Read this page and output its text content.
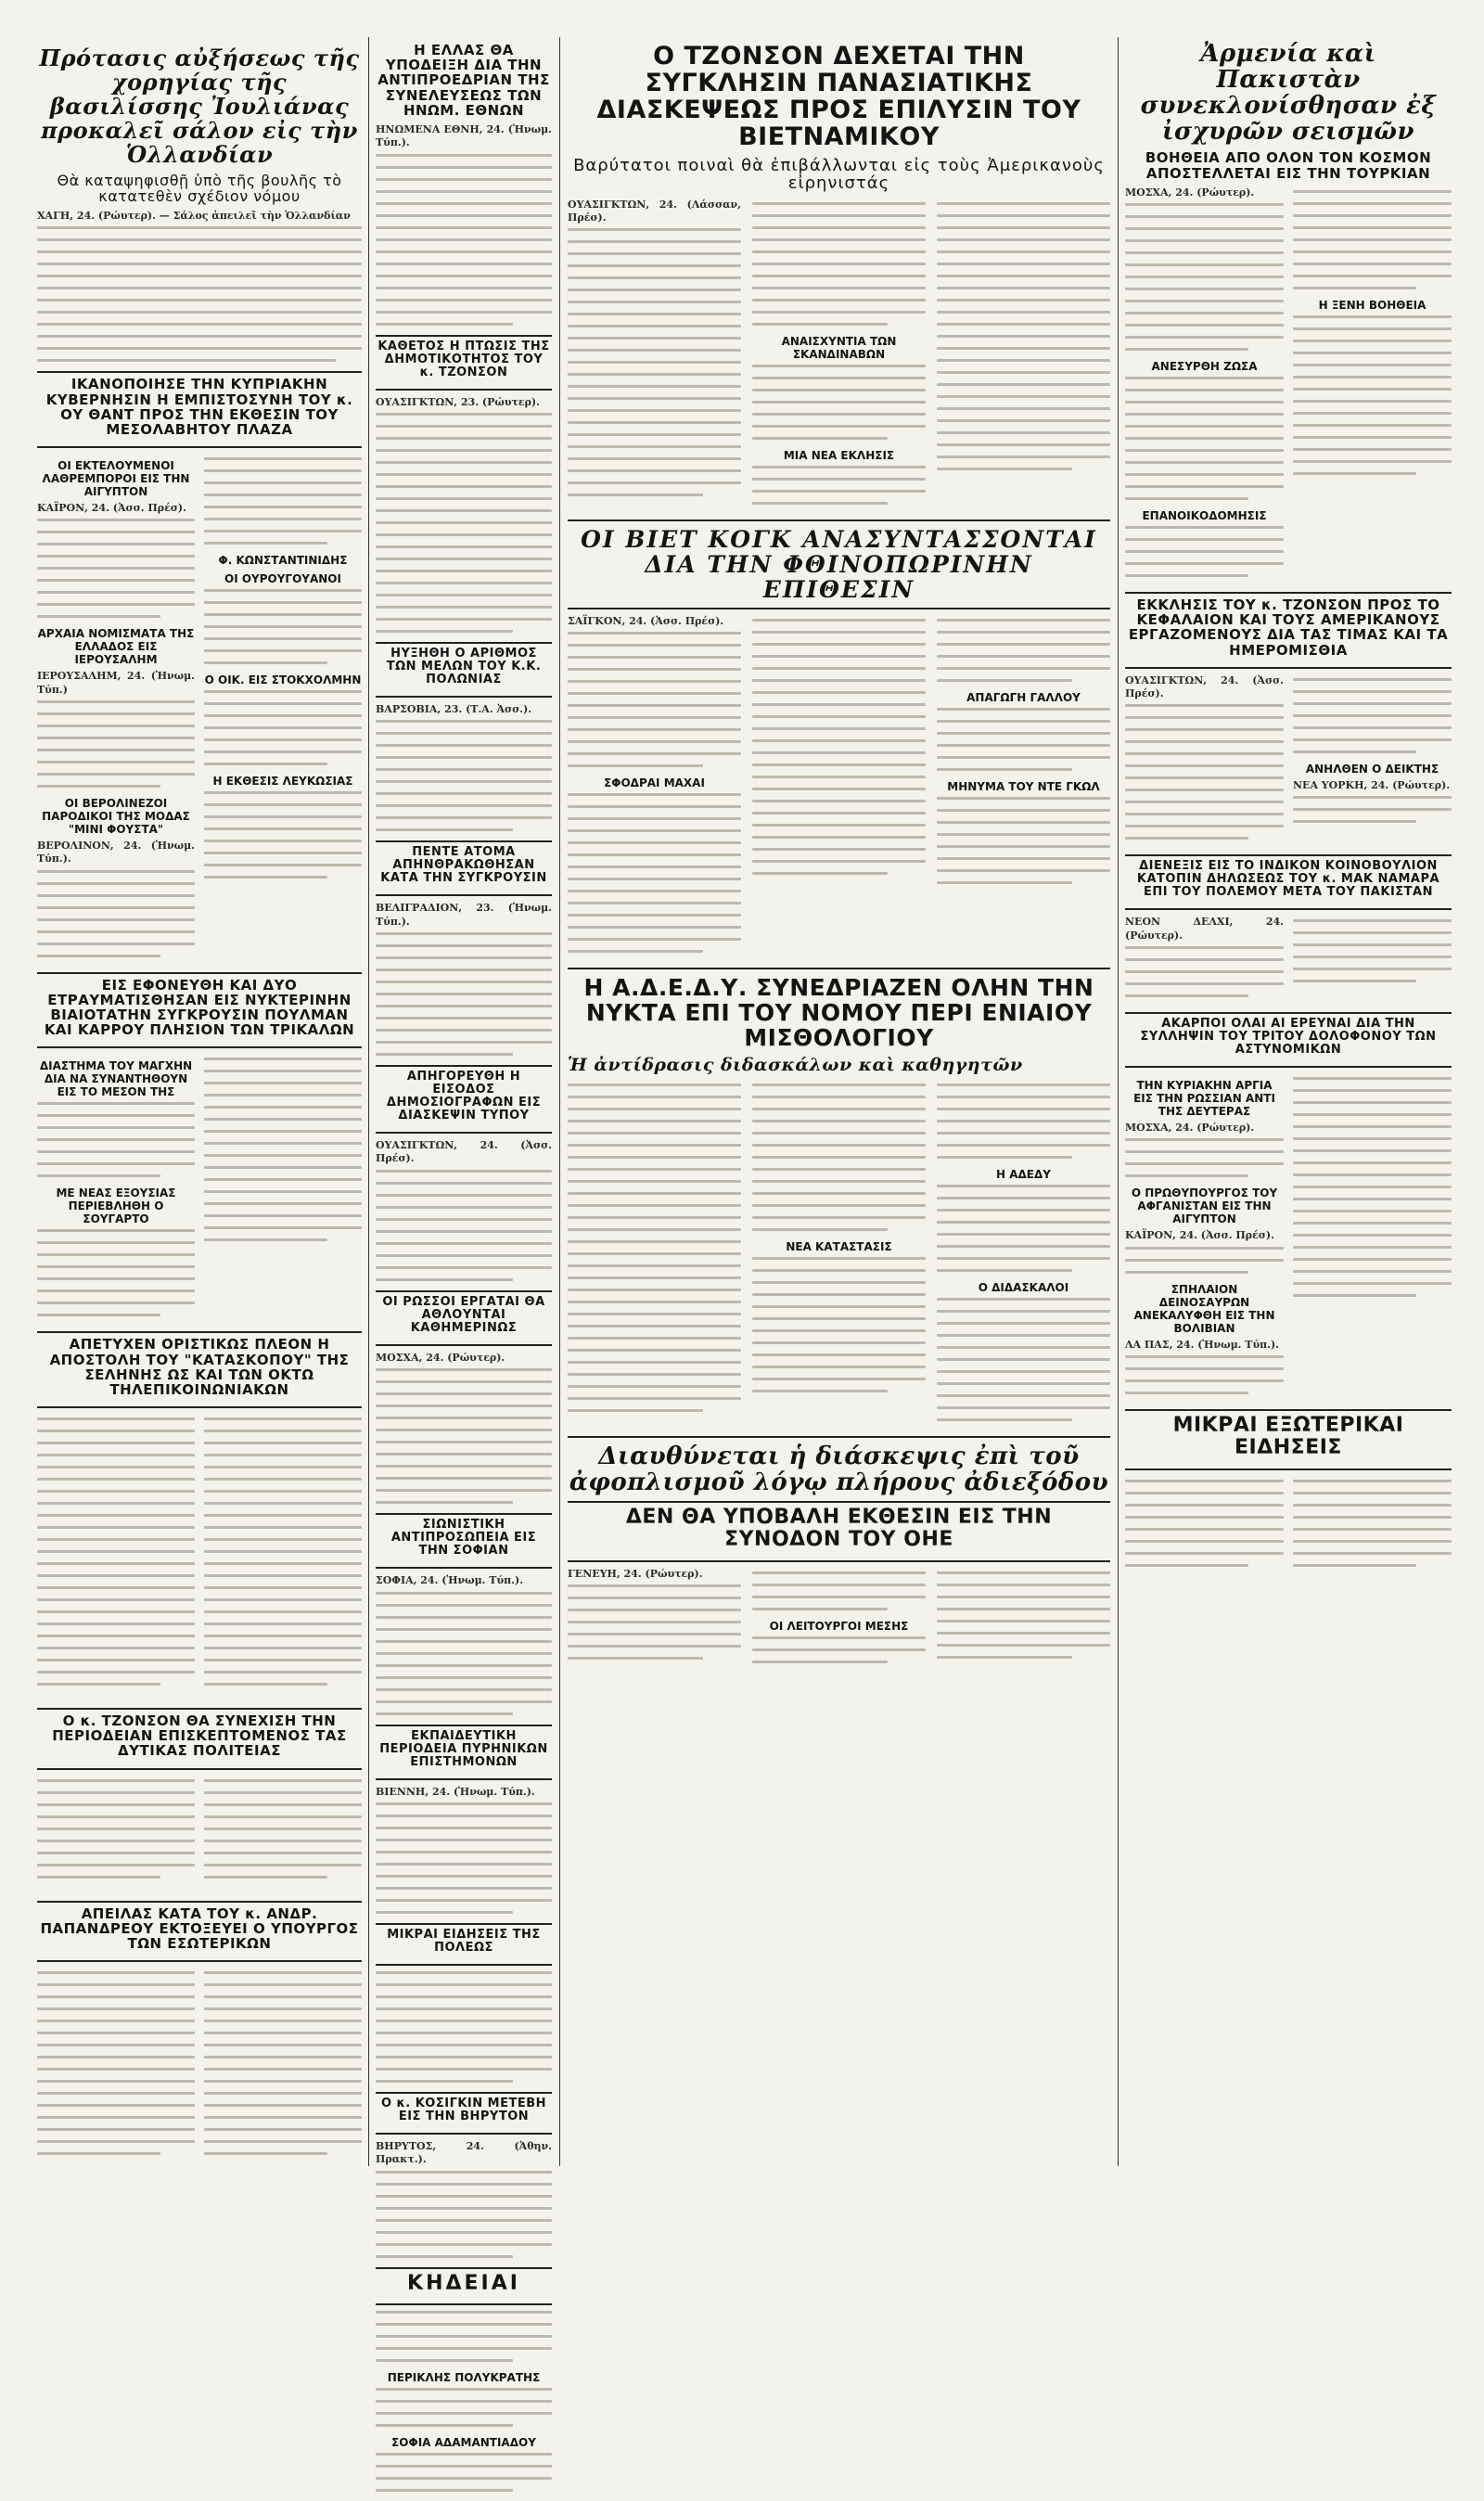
Πρότασις αὐξήσεως τῆς χορηγίας τῆς βασιλίσσης Ἰουλιάνας προκαλεῖ σάλον εἰς τὴν Ὁλλανδίαν
Θὰ καταψηφισθῇ ὑπὸ τῆς βουλῆς τὸ κατατεθὲν σχέδιον νόμου
ΧΑΓΗ, 24. (Ρώυτερ). — Σάλος ἀπειλεῖ τὴν Ὁλλανδίαν
ΙΚΑΝΟΠΟΙΗΣΕ ΤΗΝ ΚΥΠΡΙΑΚΗΝ ΚΥΒΕΡΝΗΣΙΝ Η ΕΜΠΙΣΤΟΣΥΝΗ ΤΟΥ κ. ΟΥ ΘΑΝΤ ΠΡΟΣ ΤΗΝ ΕΚΘΕΣΙΝ ΤΟΥ ΜΕΣΟΛΑΒΗΤΟΥ ΠΛΑΖΑ
ΟΙ ΕΚΤΕΛΟΥΜΕΝΟΙ ΛΑΘΡΕΜΠΟΡΟΙ ΕΙΣ ΤΗΝ ΑΙΓΥΠΤΟΝ
ΚΑΪΡΟΝ, 24. (Ἀσσ. Πρέσ).
ΑΡΧΑΙΑ ΝΟΜΙΣΜΑΤΑ ΤΗΣ ΕΛΛΑΔΟΣ ΕΙΣ ΙΕΡΟΥΣΑΛΗΜ
ΙΕΡΟΥΣΑΛΗΜ, 24. (Ἡνωμ. Τύπ.)
ΟΙ ΒΕΡΟΛΙΝΕΖΟΙ ΠΑΡΟΔΙΚΟΙ ΤΗΣ ΜΟΔΑΣ "ΜΙΝΙ ΦΟΥΣΤΑ"
ΒΕΡΟΛΙΝΟΝ, 24. (Ἡνωμ. Τύπ.).
Φ. ΚΩΝΣΤΑΝΤΙΝΙΔΗΣ
ΟΙ ΟΥΡΟΥΓΟΥΑΝΟΙ
Ο ΟΙΚ. ΕΙΣ ΣΤΟΚΧΟΛΜΗΝ
Η ΕΚΘΕΣΙΣ ΛΕΥΚΩΣΙΑΣ
ΕΙΣ ΕΦΟΝΕΥΘΗ ΚΑΙ ΔΥΟ ΕΤΡΑΥΜΑΤΙΣΘΗΣΑΝ ΕΙΣ ΝΥΚΤΕΡΙΝΗΝ ΒΙΑΙΟΤΑΤΗΝ ΣΥΓΚΡΟΥΣΙΝ ΠΟΥΛΜΑΝ ΚΑΙ ΚΑΡΡΟΥ ΠΛΗΣΙΟΝ ΤΩΝ ΤΡΙΚΑΛΩΝ
ΔΙΑΣΤΗΜΑ ΤΟΥ ΜΑΓΧΗΝ ΔΙΑ ΝΑ ΣΥΝΑΝΤΗΘΟΥΝ ΕΙΣ ΤΟ ΜΕΣΟΝ ΤΗΣ
ΜΕ ΝΕΑΣ ΕΞΟΥΣΙΑΣ ΠΕΡΙΕΒΛΗΘΗ Ο ΣΟΥΓΑΡΤΟ
ΑΠΕΤΥΧΕΝ ΟΡΙΣΤΙΚΩΣ ΠΛΕΟΝ Η ΑΠΟΣΤΟΛΗ ΤΟΥ "ΚΑΤΑΣΚΟΠΟΥ" ΤΗΣ ΣΕΛΗΝΗΣ ΩΣ ΚΑΙ ΤΩΝ ΟΚΤΩ ΤΗΛΕΠΙΚΟΙΝΩΝΙΑΚΩΝ
Ο κ. ΤΖΟΝΣΟΝ ΘΑ ΣΥΝΕΧΙΣΗ ΤΗΝ ΠΕΡΙΟΔΕΙΑΝ ΕΠΙΣΚΕΠΤΟΜΕΝΟΣ ΤΑΣ ΔΥΤΙΚΑΣ ΠΟΛΙΤΕΙΑΣ
ΑΠΕΙΛΑΣ ΚΑΤΑ ΤΟΥ κ. ΑΝΔΡ. ΠΑΠΑΝΔΡΕΟΥ ΕΚΤΟΞΕΥΕΙ Ο ΥΠΟΥΡΓΟΣ ΤΩΝ ΕΣΩΤΕΡΙΚΩΝ
Η ΕΛΛΑΣ ΘΑ ΥΠΟΔΕΙΞΗ ΔΙΑ ΤΗΝ ΑΝΤΙΠΡΟΕΔΡΙΑΝ ΤΗΣ ΣΥΝΕΛΕΥΣΕΩΣ ΤΩΝ ΗΝΩΜ. ΕΘΝΩΝ
ΗΝΩΜΕΝΑ ΕΘΝΗ, 24. (Ἡνωμ. Τύπ.).
ΚΑΘΕΤΟΣ Η ΠΤΩΣΙΣ ΤΗΣ ΔΗΜΟΤΙΚΟΤΗΤΟΣ ΤΟΥ κ. ΤΖΟΝΣΟΝ
ΟΥΑΣΙΓΚΤΩΝ, 23. (Ρώυτερ).
ΗΥΞΗΘΗ Ο ΑΡΙΘΜΟΣ ΤΩΝ ΜΕΛΩΝ ΤΟΥ Κ.Κ. ΠΟΛΩΝΙΑΣ
ΒΑΡΣΟΒΙΑ, 23. (Τ.Α. Ἀσσ.).
ΠΕΝΤΕ ΑΤΟΜΑ ΑΠΗΝΘΡΑΚΩΘΗΣΑΝ ΚΑΤΑ ΤΗΝ ΣΥΓΚΡΟΥΣΙΝ
ΒΕΛΙΓΡΑΔΙΟΝ, 23. (Ἡνωμ. Τύπ.).
ΑΠΗΓΟΡΕΥΘΗ Η ΕΙΣΟΔΟΣ ΔΗΜΟΣΙΟΓΡΑΦΩΝ ΕΙΣ ΔΙΑΣΚΕΨΙΝ ΤΥΠΟΥ
ΟΥΑΣΙΓΚΤΩΝ, 24. (Ἀσσ. Πρέσ).
ΟΙ ΡΩΣΣΟΙ ΕΡΓΑΤΑΙ ΘΑ ΑΘΛΟΥΝΤΑΙ ΚΑΘΗΜΕΡΙΝΩΣ
ΜΟΣΧΑ, 24. (Ρώυτερ).
ΣΙΩΝΙΣΤΙΚΗ ΑΝΤΙΠΡΟΣΩΠΕΙΑ ΕΙΣ ΤΗΝ ΣΟΦΙΑΝ
ΣΟΦΙΑ, 24. (Ἡνωμ. Τύπ.).
ΕΚΠΑΙΔΕΥΤΙΚΗ ΠΕΡΙΟΔΕΙΑ ΠΥΡΗΝΙΚΩΝ ΕΠΙΣΤΗΜΟΝΩΝ
ΒΙΕΝΝΗ, 24. (Ἡνωμ. Τύπ.).
ΜΙΚΡΑΙ ΕΙΔΗΣΕΙΣ ΤΗΣ ΠΟΛΕΩΣ
Ο κ. ΚΟΣΙΓΚΙΝ ΜΕΤΕΒΗ ΕΙΣ ΤΗΝ ΒΗΡΥΤΟΝ
ΒΗΡΥΤΟΣ, 24. (Ἀθην. Πρακτ.).
ΚΗΔΕΙΑΙ
ΠΕΡΙΚΛΗΣ ΠΟΛΥΚΡΑΤΗΣ
ΣΟΦΙΑ ΑΔΑΜΑΝΤΙΑΔΟΥ
Ο ΤΖΟΝΣΟΝ ΔΕΧΕΤΑΙ ΤΗΝ ΣΥΓΚΛΗΣΙΝ ΠΑΝΑΣΙΑΤΙΚΗΣ ΔΙΑΣΚΕΨΕΩΣ ΠΡΟΣ ΕΠΙΛΥΣΙΝ ΤΟΥ ΒΙΕΤΝΑΜΙΚΟΥ
Βαρύτατοι ποιναὶ θὰ ἐπιβάλλωνται εἰς τοὺς Ἀμερικανοὺς εἰρηνιστάς
ΟΥΑΣΙΓΚΤΩΝ, 24. (Λάσσαν, Πρέσ).
ΑΝΑΙΣΧΥΝΤΙΑ ΤΩΝ ΣΚΑΝΔΙΝΑΒΩΝ
ΜΙΑ ΝΕΑ ΕΚΛΗΣΙΣ
ΟΙ ΒΙΕΤ ΚΟΓΚ ΑΝΑΣΥΝΤΑΣΣΟΝΤΑΙ ΔΙΑ ΤΗΝ ΦΘΙΝΟΠΩΡΙΝΗΝ ΕΠΙΘΕΣΙΝ
ΣΑΪΓΚΟΝ, 24. (Ἀσσ. Πρέσ).
ΣΦΟΔΡΑΙ ΜΑΧΑΙ
ΑΠΑΓΩΓΗ ΓΑΛΛΟΥ
ΜΗΝΥΜΑ ΤΟΥ ΝΤΕ ΓΚΩΛ
Η Α.Δ.Ε.Δ.Υ. ΣΥΝΕΔΡΙΑΖΕΝ ΟΛΗΝ ΤΗΝ ΝΥΚΤΑ ΕΠΙ ΤΟΥ ΝΟΜΟΥ ΠΕΡΙ ΕΝΙΑΙΟΥ ΜΙΣΘΟΛΟΓΙΟΥ
Ἡ ἀντίδρασις διδασκάλων καὶ καθηγητῶν
ΝΕΑ ΚΑΤΑΣΤΑΣΙΣ
Η ΑΔΕΔΥ
Ο ΔΙΔΑΣΚΑΛΟΙ
Διαυθύνεται ἡ διάσκεψις ἐπὶ τοῦ ἀφοπλισμοῦ λόγῳ πλήρους ἀδιεξόδου
ΔΕΝ ΘΑ ΥΠΟΒΑΛΗ ΕΚΘΕΣΙΝ ΕΙΣ ΤΗΝ ΣΥΝΟΔΟΝ ΤΟΥ ΟΗΕ
ΓΕΝΕΥΗ, 24. (Ρώυτερ).
ΟΙ ΛΕΙΤΟΥΡΓΟΙ ΜΕΣΗΣ
Ἀρμενία καὶ Πακιστὰν συνεκλονίσθησαν ἐξ ἰσχυρῶν σεισμῶν
ΒΟΗΘΕΙΑ ΑΠΟ ΟΛΟΝ ΤΟΝ ΚΟΣΜΟΝ ΑΠΟΣΤΕΛΛΕΤΑΙ ΕΙΣ ΤΗΝ ΤΟΥΡΚΙΑΝ
ΜΟΣΧΑ, 24. (Ρώυτερ).
ΑΝΕΣΥΡΘΗ ΖΩΣΑ
ΕΠΑΝΟΙΚΟΔΟΜΗΣΙΣ
Η ΞΕΝΗ ΒΟΗΘΕΙΑ
ΕΚΚΛΗΣΙΣ ΤΟΥ κ. ΤΖΟΝΣΟΝ ΠΡΟΣ ΤΟ ΚΕΦΑΛΑΙΟΝ ΚΑΙ ΤΟΥΣ ΑΜΕΡΙΚΑΝΟΥΣ ΕΡΓΑΖΟΜΕΝΟΥΣ ΔΙΑ ΤΑΣ ΤΙΜΑΣ ΚΑΙ ΤΑ ΗΜΕΡΟΜΙΣΘΙΑ
ΟΥΑΣΙΓΚΤΩΝ, 24. (Ἀσσ. Πρέσ).
ΑΝΗΛΘΕΝ Ο ΔΕΙΚΤΗΣ
ΝΕΑ ΥΟΡΚΗ, 24. (Ρώυτερ).
ΔΙΕΝΕΞΙΣ ΕΙΣ ΤΟ ΙΝΔΙΚΟΝ ΚΟΙΝΟΒΟΥΛΙΟΝ ΚΑΤΟΠΙΝ ΔΗΛΩΣΕΩΣ ΤΟΥ κ. ΜΑΚ ΝΑΜΑΡΑ ΕΠΙ ΤΟΥ ΠΟΛΕΜΟΥ ΜΕΤΑ ΤΟΥ ΠΑΚΙΣΤΑΝ
ΝΕΟΝ ΔΕΛΧΙ, 24. (Ρώυτερ).
ΑΚΑΡΠΟΙ ΟΛΑΙ ΑΙ ΕΡΕΥΝΑΙ ΔΙΑ ΤΗΝ ΣΥΛΛΗΨΙΝ ΤΟΥ ΤΡΙΤΟΥ ΔΟΛΟΦΟΝΟΥ ΤΩΝ ΑΣΤΥΝΟΜΙΚΩΝ
ΤΗΝ ΚΥΡΙΑΚΗΝ ΑΡΓΙΑ ΕΙΣ ΤΗΝ ΡΩΣΣΙΑΝ ΑΝΤΙ ΤΗΣ ΔΕΥΤΕΡΑΣ
ΜΟΣΧΑ, 24. (Ρώυτερ).
Ο ΠΡΩΘΥΠΟΥΡΓΟΣ ΤΟΥ ΑΦΓΑΝΙΣΤΑΝ ΕΙΣ ΤΗΝ ΑΙΓΥΠΤΟΝ
ΚΑΪΡΟΝ, 24. (Ἀσσ. Πρέσ).
ΣΠΗΛΑΙΟΝ ΔΕΙΝΟΣΑΥΡΩΝ ΑΝΕΚΑΛΥΦΘΗ ΕΙΣ ΤΗΝ ΒΟΛΙΒΙΑΝ
ΛΑ ΠΑΣ, 24. (Ἡνωμ. Τύπ.).
ΜΙΚΡΑΙ ΕΞΩΤΕΡΙΚΑΙ ΕΙΔΗΣΕΙΣ
